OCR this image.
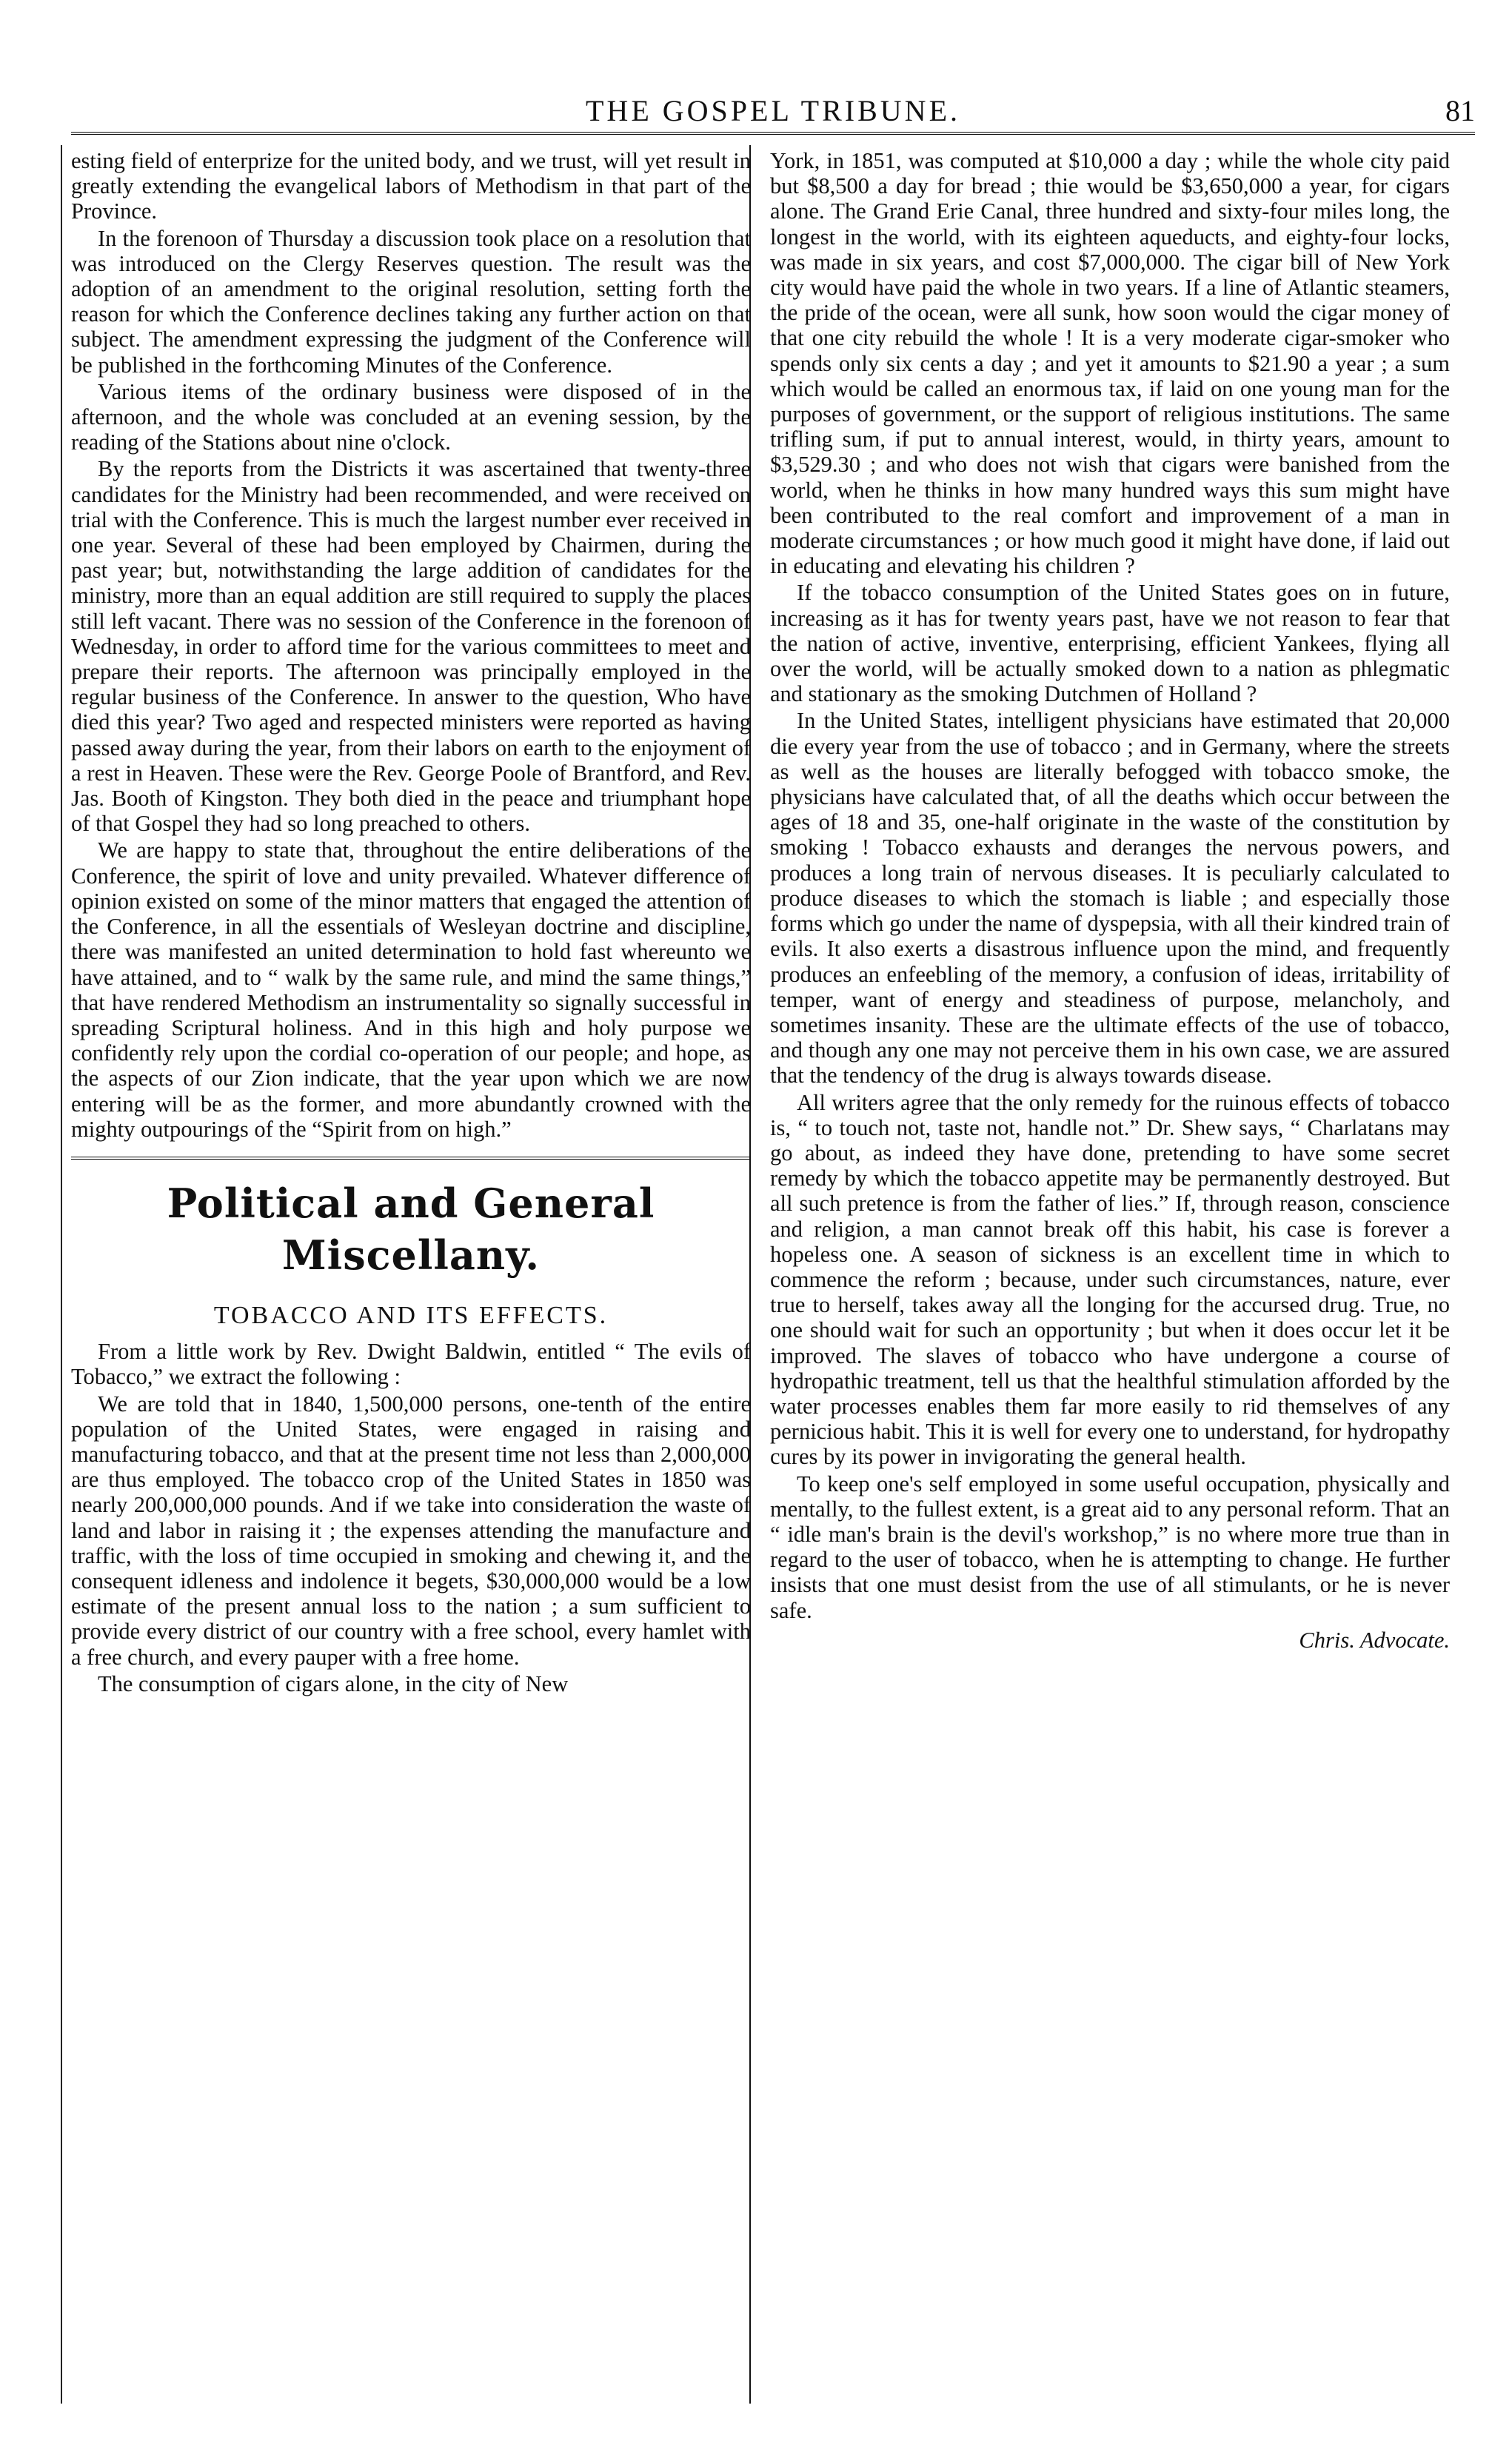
THE GOSPEL TRIBUNE.	81

esting field of enterprize for the united body, and we trust, will yet result in greatly extending the evangelical labors of Methodism in that part of the Province.

In the forenoon of Thursday a discussion took place on a resolution that was introduced on the Clergy Reserves question. The result was the adoption of an amendment to the original resolution, setting forth the reason for which the Conference declines taking any further action on that subject. The amendment expressing the judgment of the Conference will be published in the forthcoming Minutes of the Conference.

Various items of the ordinary business were disposed of in the afternoon, and the whole was concluded at an evening session, by the reading of the Stations about nine o'clock.

By the reports from the Districts it was ascertained that twenty-three candidates for the Ministry had been recommended, and were received on trial with the Conference. This is much the largest number ever received in one year. Several of these had been employed by Chairmen, during the past year; but, notwithstanding the large addition of candidates for the ministry, more than an equal addition are still required to supply the places still left vacant. There was no session of the Conference in the forenoon of Wednesday, in order to afford time for the various committees to meet and prepare their reports. The afternoon was principally employed in the regular business of the Conference. In answer to the question, Who have died this year? Two aged and respected ministers were reported as having passed away during the year, from their labors on earth to the enjoyment of a rest in Heaven. These were the Rev. George Poole of Brantford, and Rev. Jas. Booth of Kingston. They both died in the peace and triumphant hope of that Gospel they had so long preached to others.

We are happy to state that, throughout the entire deliberations of the Conference, the spirit of love and unity prevailed. Whatever difference of opinion existed on some of the minor matters that engaged the attention of the Conference, in all the essentials of Wesleyan doctrine and discipline, there was manifested an united determination to hold fast whereunto we have attained, and to “ walk by the same rule, and mind the same things,” that have rendered Methodism an instrumentality so signally successful in spreading Scriptural holiness. And in this high and holy purpose we confidently rely upon the cordial co-operation of our people; and hope, as the aspects of our Zion indicate, that the year upon which we are now entering will be as the former, and more abundantly crowned with the mighty outpourings of the “Spirit from on high.”

Political and General Miscellany.
TOBACCO AND ITS EFFECTS.

From a little work by Rev. Dwight Baldwin, entitled “ The evils of Tobacco,” we extract the following :

We are told that in 1840, 1,500,000 persons, one-tenth of the entire population of the United States, were engaged in raising and manufacturing tobacco, and that at the present time not less than 2,000,000 are thus employed. The tobacco crop of the United States in 1850 was nearly 200,000,000 pounds. And if we take into consideration the waste of land and labor in raising it ; the expenses attending the manufacture and traffic, with the loss of time occupied in smoking and chewing it, and the consequent idleness and indolence it begets, $30,000,000 would be a low estimate of the present annual loss to the nation ; a sum sufficient to provide every district of our country with a free school, every hamlet with a free church, and every pauper with a free home.

The consumption of cigars alone, in the city of New

York, in 1851, was computed at $10,000 a day ; while the whole city paid but $8,500 a day for bread ; thie would be $3,650,000 a year, for cigars alone. The Grand Erie Canal, three hundred and sixty-four miles long, the longest in the world, with its eighteen aqueducts, and eighty-four locks, was made in six years, and cost $7,000,000. The cigar bill of New York city would have paid the whole in two years. If a line of Atlantic steamers, the pride of the ocean, were all sunk, how soon would the cigar money of that one city rebuild the whole ! It is a very moderate cigar-smoker who spends only six cents a day ; and yet it amounts to $21.90 a year ; a sum which would be called an enormous tax, if laid on one young man for the purposes of government, or the support of religious institutions. The same trifling sum, if put to annual interest, would, in thirty years, amount to $3,529.30 ; and who does not wish that cigars were banished from the world, when he thinks in how many hundred ways this sum might have been contributed to the real comfort and improvement of a man in moderate circumstances ; or how much good it might have done, if laid out in educating and elevating his children ?

If the tobacco consumption of the United States goes on in future, increasing as it has for twenty years past, have we not reason to fear that the nation of active, inventive, enterprising, efficient Yankees, flying all over the world, will be actually smoked down to a nation as phlegmatic and stationary as the smoking Dutchmen of Holland ?

In the United States, intelligent physicians have estimated that 20,000 die every year from the use of tobacco ; and in Germany, where the streets as well as the houses are literally befogged with tobacco smoke, the physicians have calculated that, of all the deaths which occur between the ages of 18 and 35, one-half originate in the waste of the constitution by smoking ! Tobacco exhausts and deranges the nervous powers, and produces a long train of nervous diseases. It is peculiarly calculated to produce diseases to which the stomach is liable ; and especially those forms which go under the name of dyspepsia, with all their kindred train of evils. It also exerts a disastrous influence upon the mind, and frequently produces an enfeebling of the memory, a confusion of ideas, irritability of temper, want of energy and steadiness of purpose, melancholy, and sometimes insanity. These are the ultimate effects of the use of tobacco, and though any one may not perceive them in his own case, we are assured that the tendency of the drug is always towards disease.

All writers agree that the only remedy for the ruinous effects of tobacco is, “ to touch not, taste not, handle not.” Dr. Shew says, “ Charlatans may go about, as indeed they have done, pretending to have some secret remedy by which the tobacco appetite may be permanently destroyed. But all such pretence is from the father of lies.” If, through reason, conscience and religion, a man cannot break off this habit, his case is forever a hopeless one. A season of sickness is an excellent time in which to commence the reform ; because, under such circumstances, nature, ever true to herself, takes away all the longing for the accursed drug. True, no one should wait for such an opportunity ; but when it does occur let it be improved. The slaves of tobacco who have undergone a course of hydropathic treatment, tell us that the healthful stimulation afforded by the water processes enables them far more easily to rid themselves of any pernicious habit. This it is well for every one to understand, for hydropathy cures by its power in invigorating the general health.

To keep one's self employed in some useful occupation, physically and mentally, to the fullest extent, is a great aid to any personal reform. That an “ idle man's brain is the devil's workshop,” is no where more true than in regard to the user of tobacco, when he is attempting to change. He further insists that one must desist from the use of all stimulants, or he is never safe.

Chris. Advocate.
